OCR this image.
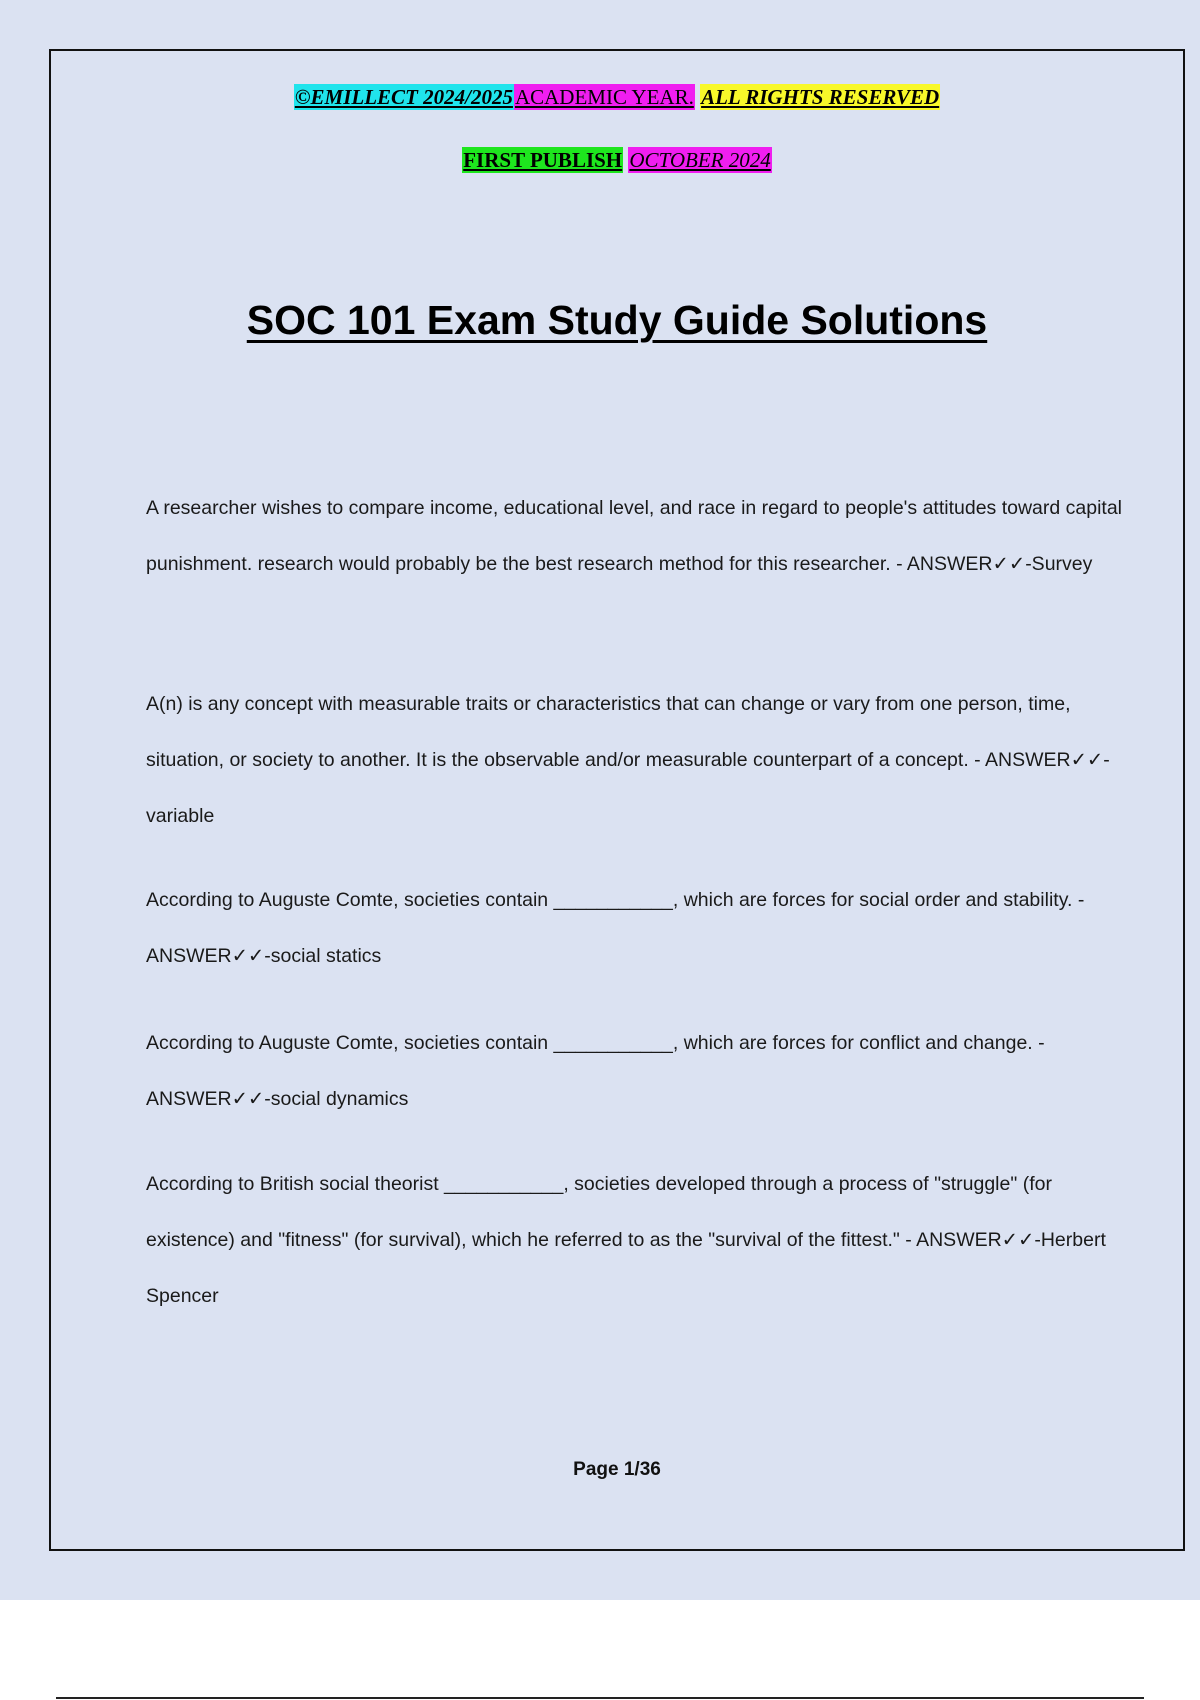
©EMILLECT 2024/2025ACADEMIC YEAR. ALL RIGHTS RESERVED
FIRST PUBLISH OCTOBER 2024
SOC 101 Exam Study Guide Solutions
A researcher wishes to compare income, educational level, and race in regard to people's attitudes toward capital punishment. research would probably be the best research method for this researcher. - ANSWER✓✓-Survey
A(n) is any concept with measurable traits or characteristics that can change or vary from one person, time, situation, or society to another. It is the observable and/or measurable counterpart of a concept. - ANSWER✓✓-variable
According to Auguste Comte, societies contain ___________, which are forces for social order and stability. - ANSWER✓✓-social statics
According to Auguste Comte, societies contain ___________, which are forces for conflict and change. - ANSWER✓✓-social dynamics
According to British social theorist ___________, societies developed through a process of "struggle" (for existence) and "fitness" (for survival), which he referred to as the "survival of the fittest." - ANSWER✓✓-Herbert Spencer
Page 1/36
